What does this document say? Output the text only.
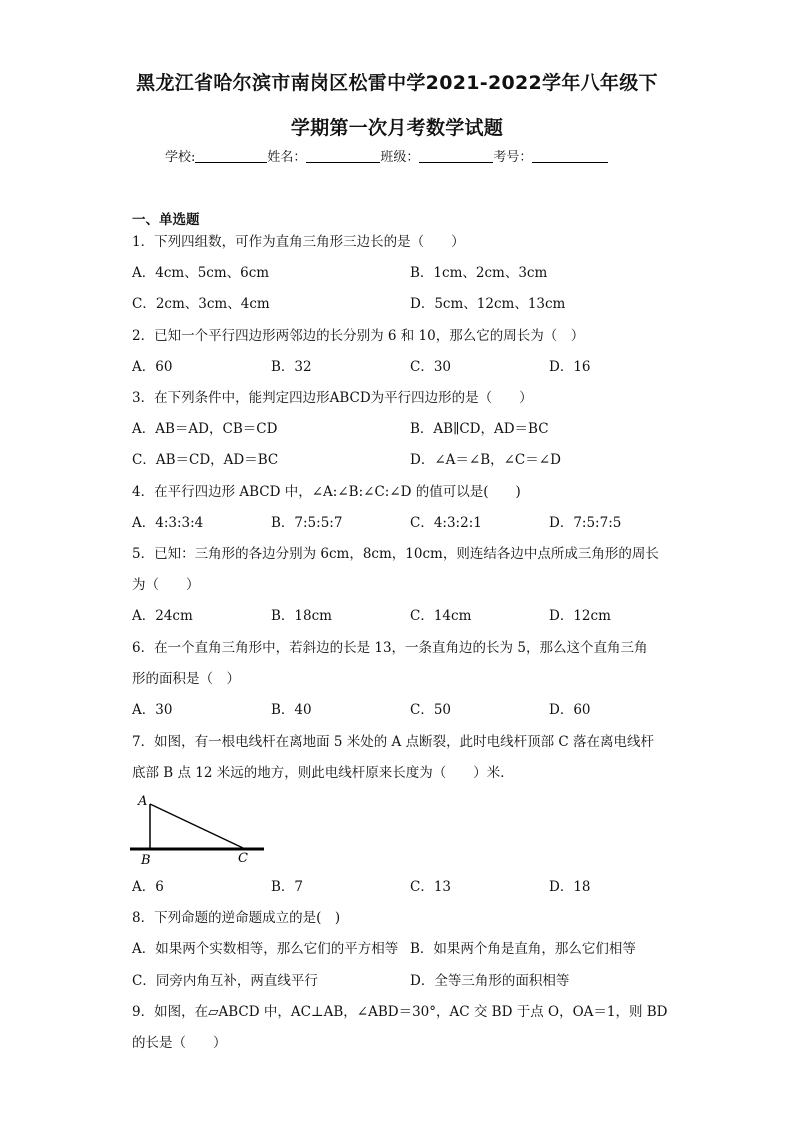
黑龙江省哈尔滨市南岗区松雷中学2021-2022学年八年级下
学期第一次月考数学试题
学校:	姓名：	班级：	考号：
一、单选题
1．下列四组数，可作为直角三角形三边长的是（　　）
A．4cm、5cm、6cm	B．1cm、2cm、3cm
C．2cm、3cm、4cm	D．5cm、12cm、13cm
2．已知一个平行四边形两邻边的长分别为 6 和 10，那么它的周长为（　）
A．60	B．32	C．30	D．16
3．在下列条件中，能判定四边形ABCD为平行四边形的是（　　）
A．AB＝AD，CB＝CD	B．AB∥CD，AD＝BC
C．AB＝CD，AD＝BC	D．∠A＝∠B，∠C＝∠D
4．在平行四边形 ABCD 中，∠A:∠B:∠C:∠D 的值可以是(　　)
A．4:3:3:4	B．7:5:5:7	C．4:3:2:1	D．7:5:7:5
5．已知：三角形的各边分别为 6cm，8cm，10cm，则连结各边中点所成三角形的周长
为（　　）
A．24cm	B．18cm	C．14cm	D．12cm
6．在一个直角三角形中，若斜边的长是 13，一条直角边的长为 5，那么这个直角三角
形的面积是（　）
A．30	B．40	C．50	D．60
7．如图，有一根电线杆在离地面 5 米处的 A 点断裂，此时电线杆顶部 C 落在离电线杆
底部 B 点 12 米远的地方，则此电线杆原来长度为（　　）米．
A
B	C
A．6	B．7	C．13	D．18
8．下列命题的逆命题成立的是(　)
A．如果两个实数相等，那么它们的平方相等 B．如果两个角是直角，那么它们相等
C．同旁内角互补，两直线平行	D．全等三角形的面积相等
9．如图，在▱ABCD 中，AC⊥AB，∠ABD＝30°，AC 交 BD 于点 O，OA＝1，则 BD
的长是（　　）
